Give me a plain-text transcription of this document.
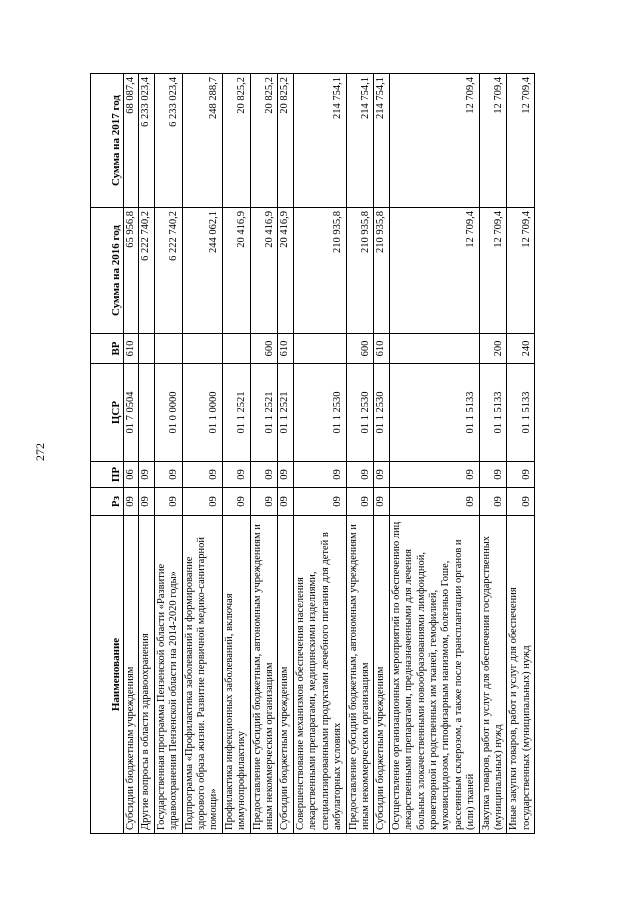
272
Наименование	Рз	ПР	ЦСР	ВР	Сумма на 2016 год	Сумма на 2017 год
Субсидии бюджетным учреждениям	09	06	01 7 0504	610	65 956,8	68 087,4
Другие вопросы в области здравоохранения	09	09			6 222 740,2	6 233 023,4
Государственная программа Пензенской области «Развитие здравоохранения Пензенской области на 2014-2020 годы»	09	09	01 0 0000		6 222 740,2	6 233 023,4
Подпрограмма «Профилактика заболеваний и формирование здорового образа жизни. Развитие первичной медико-санитарной помощи»	09	09	01 1 0000		244 062,1	248 288,7
Профилактика инфекционных заболеваний, включая иммунопрофилактику	09	09	01 1 2521		20 416,9	20 825,2
Предоставление субсидий бюджетным, автономным учреждениям и иным некоммерческим организациям	09	09	01 1 2521	600	20 416,9	20 825,2
Субсидии бюджетным учреждениям	09	09	01 1 2521	610	20 416,9	20 825,2
Совершенствование механизмов обеспечения населения лекарственными препаратами, медицинскими изделиями, специализированными продуктами лечебного питания для детей в амбулаторных условиях	09	09	01 1 2530		210 935,8	214 754,1
Предоставление субсидий бюджетным, автономным учреждениям и иным некоммерческим организациям	09	09	01 1 2530	600	210 935,8	214 754,1
Субсидии бюджетным учреждениям	09	09	01 1 2530	610	210 935,8	214 754,1
Осуществление организационных мероприятий по обеспечению лиц лекарственными препаратами, предназначенными для лечения больных злокачественными новообразованиями лимфоидной, кроветворной и родственных им тканей, гемофилией, муковисцидозом, гипофизарным нанизмом, болезнью Гоше, рассеянным склерозом, а также после трансплантации органов и (или) тканей	09	09	01 1 5133		12 709,4	12 709,4
Закупка товаров, работ и услуг для обеспечения государственных (муниципальных) нужд	09	09	01 1 5133	200	12 709,4	12 709,4
Иные закупки товаров, работ и услуг для обеспечения государственных (муниципальных) нужд	09	09	01 1 5133	240	12 709,4	12 709,4
